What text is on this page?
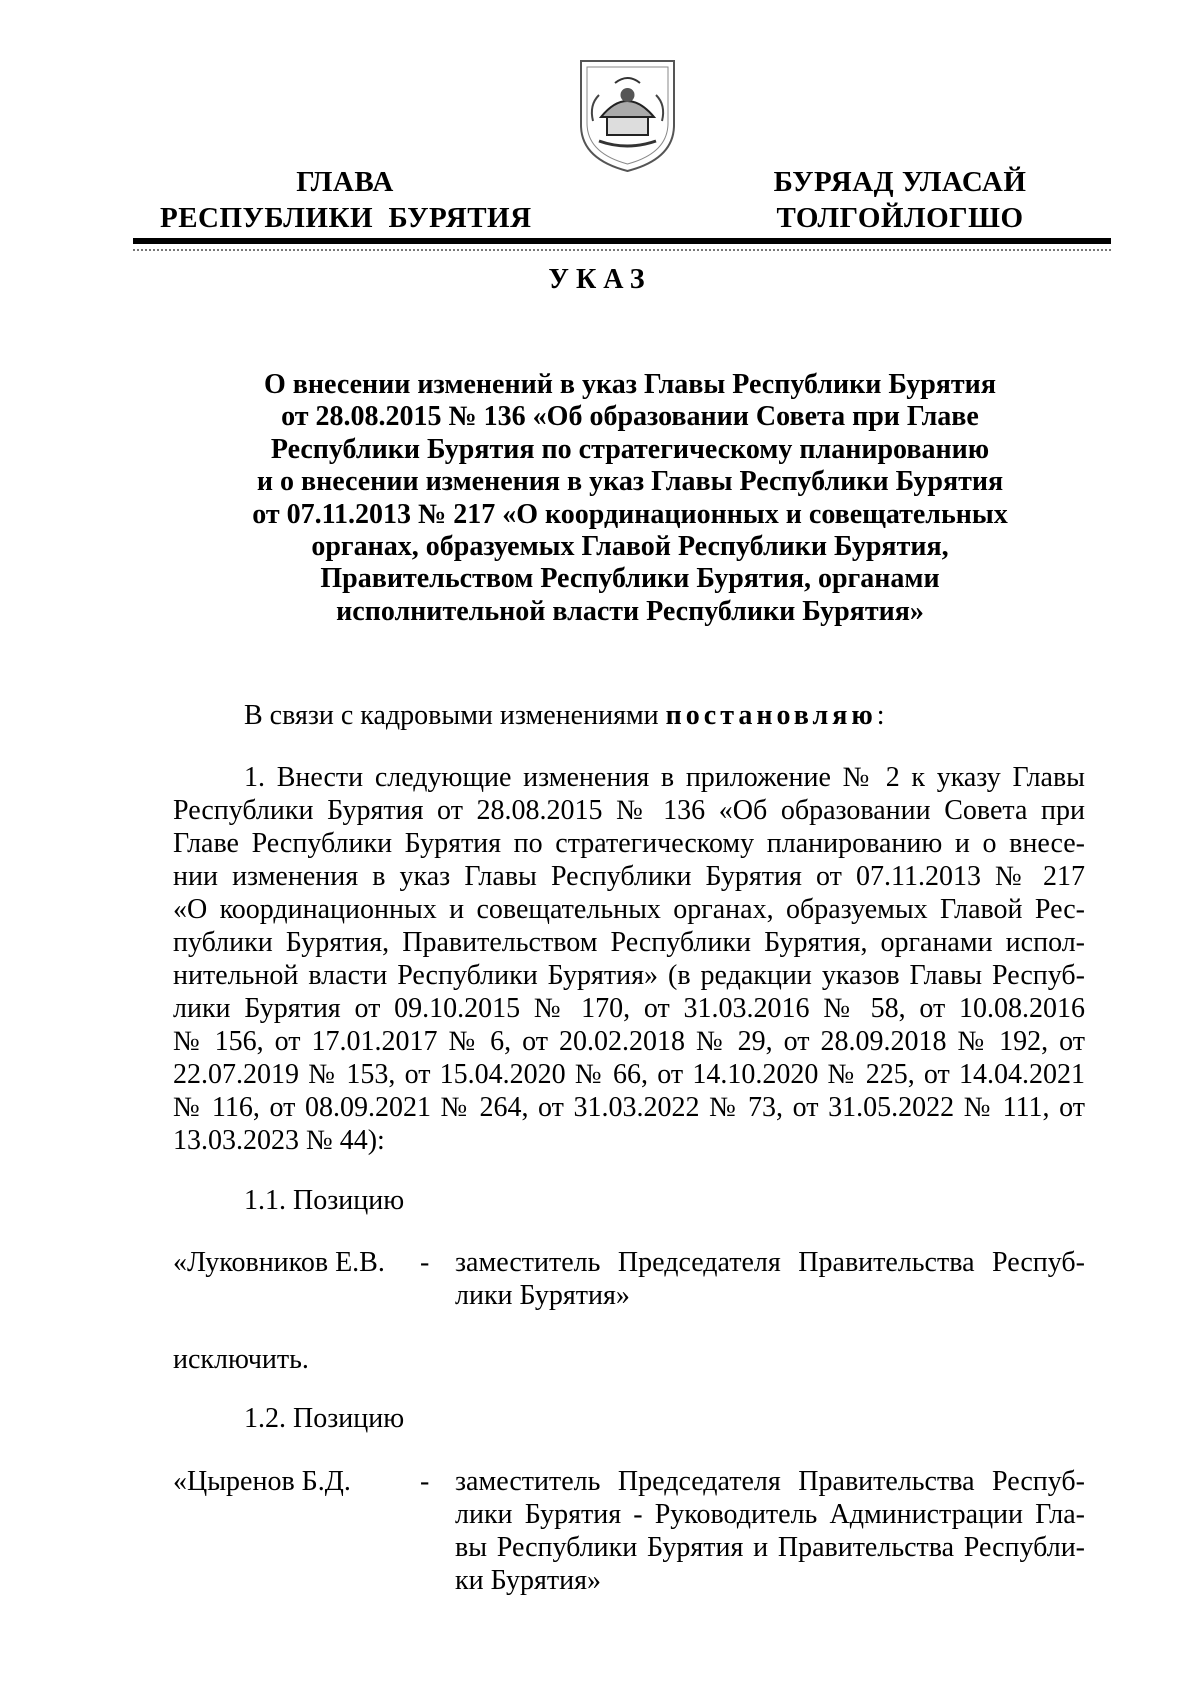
ГЛАВА
РЕСПУБЛИКИ  БУРЯТИЯ
БУРЯАД УЛАСАЙ
ТОЛГОЙЛОГШО
УКАЗ
О внесении изменений в указ Главы Республики Бурятия
от 28.08.2015 № 136 «Об образовании Совета при Главе
Республики Бурятия по стратегическому планированию
и о внесении изменения в указ Главы Республики Бурятия
от 07.11.2013 № 217 «О координационных и совещательных
органах, образуемых Главой Республики Бурятия,
Правительством Республики Бурятия, органами
исполнительной власти Республики Бурятия»
В связи с кадровыми изменениями постановляю:
1. Внести следующие изменения в приложение № 2 к указу Главы
Республики Бурятия от 28.08.2015 № 136 «Об образовании Совета при
Главе Республики Бурятия по стратегическому планированию и о внесе-
нии изменения в указ Главы Республики Бурятия от 07.11.2013 № 217
«О координационных и совещательных органах, образуемых Главой Рес-
публики Бурятия, Правительством Республики Бурятия, органами испол-
нительной власти Республики Бурятия» (в редакции указов Главы Респуб-
лики Бурятия от 09.10.2015 № 170, от 31.03.2016 № 58, от 10.08.2016
№ 156, от 17.01.2017 № 6, от 20.02.2018 № 29, от 28.09.2018 № 192, от
22.07.2019 № 153, от 15.04.2020 № 66, от 14.10.2020 № 225, от 14.04.2021
№ 116, от 08.09.2021 № 264, от 31.03.2022 № 73, от 31.05.2022 № 111, от
13.03.2023 № 44):
1.1. Позицию
«Луковников Е.В. - заместитель Председателя Правительства Респуб-
лики Бурятия»
исключить.
1.2. Позицию
«Цыренов Б.Д. - заместитель Председателя Правительства Респуб-
лики Бурятия - Руководитель Администрации Гла-
вы Республики Бурятия и Правительства Республи-
ки Бурятия»
